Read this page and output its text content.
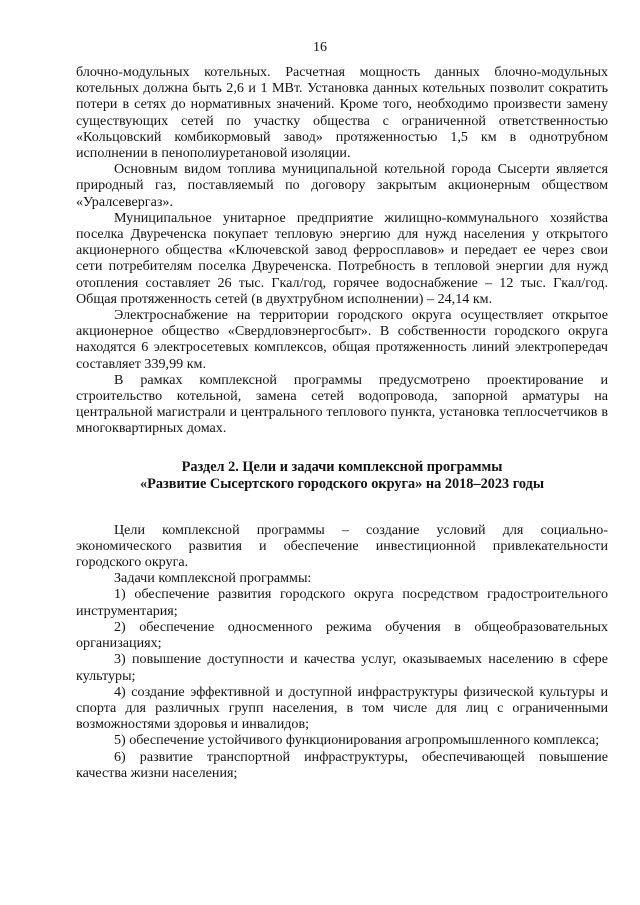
16

блочно-модульных котельных. Расчетная мощность данных блочно-модульных котельных должна быть 2,6 и 1 МВт. Установка данных котельных позволит сократить потери в сетях до нормативных значений. Кроме того, необходимо произвести замену существующих сетей по участку общества с ограниченной ответственностью «Кольцовский комбикормовый завод» протяженностью 1,5 км в однотрубном исполнении в пенополиуретановой изоляции.

Основным видом топлива муниципальной котельной города Сысерти является природный газ, поставляемый по договору закрытым акционерным обществом «Уралсевергаз».

Муниципальное унитарное предприятие жилищно-коммунального хозяйства поселка Двуреченска покупает тепловую энергию для нужд населения у открытого акционерного общества «Ключевской завод ферросплавов» и передает ее через свои сети потребителям поселка Двуреченска. Потребность в тепловой энергии для нужд отопления составляет 26 тыс. Гкал/год, горячее водоснабжение – 12 тыс. Гкал/год. Общая протяженность сетей (в двухтрубном исполнении) – 24,14 км.

Электроснабжение на территории городского округа осуществляет открытое акционерное общество «Свердловэнергосбыт». В собственности городского округа находятся 6 электросетевых комплексов, общая протяженность линий электропередач составляет 339,99 км.

В рамках комплексной программы предусмотрено проектирование и строительство котельной, замена сетей водопровода, запорной арматуры на центральной магистрали и центрального теплового пункта, установка теплосчетчиков в многоквартирных домах.

Раздел 2. Цели и задачи комплексной программы
«Развитие Сысертского городского округа» на 2018–2023 годы

Цели комплексной программы – создание условий для социально-экономического развития и обеспечение инвестиционной привлекательности городского округа.

Задачи комплексной программы:

1) обеспечение развития городского округа посредством градостроительного инструментария;
2) обеспечение односменного режима обучения в общеобразовательных организациях;
3) повышение доступности и качества услуг, оказываемых населению в сфере культуры;
4) создание эффективной и доступной инфраструктуры физической культуры и спорта для различных групп населения, в том числе для лиц с ограниченными возможностями здоровья и инвалидов;
5) обеспечение устойчивого функционирования агропромышленного комплекса;
6) развитие транспортной инфраструктуры, обеспечивающей повышение качества жизни населения;
